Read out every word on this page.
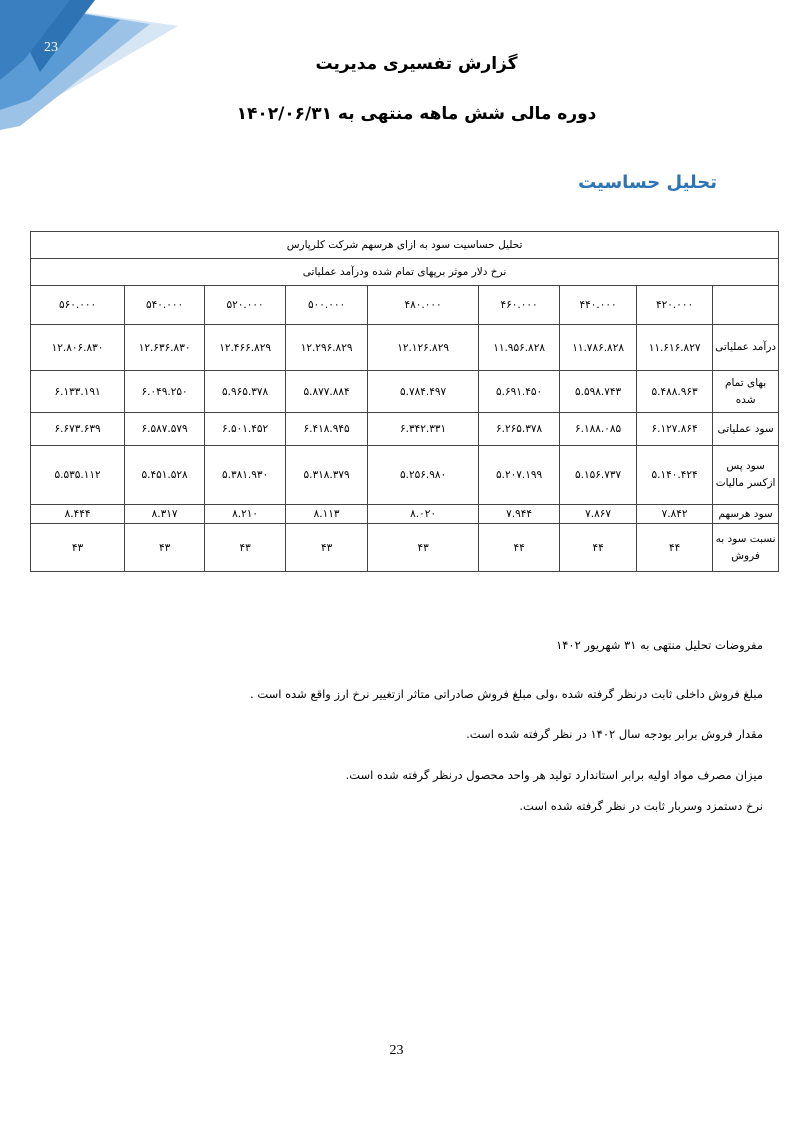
23
گزارش تفسیری مدیریت
دوره مالی شش ماهه منتهی به ۱۴۰۲/۰۶/۳۱
تحلیل حساسیت
تحلیل حساسیت سود به ازای هرسهم شرکت کلرپارس								
نرخ دلار موثر برپهای تمام شده ودرآمد عملیاتی								
	۴۲۰.۰۰۰	۴۴۰.۰۰۰	۴۶۰.۰۰۰	۴۸۰.۰۰۰	۵۰۰.۰۰۰	۵۲۰.۰۰۰	۵۴۰.۰۰۰	۵۶۰.۰۰۰
درآمد عملیاتی	۱۱.۶۱۶.۸۲۷	۱۱.۷۸۶.۸۲۸	۱۱.۹۵۶.۸۲۸	۱۲.۱۲۶.۸۲۹	۱۲.۲۹۶.۸۲۹	۱۲.۴۶۶.۸۲۹	۱۲.۶۳۶.۸۳۰	۱۲.۸۰۶.۸۳۰
بهای تمام شده	۵.۴۸۸.۹۶۳	۵.۵۹۸.۷۴۳	۵.۶۹۱.۴۵۰	۵.۷۸۴.۴۹۷	۵.۸۷۷.۸۸۴	۵.۹۶۵.۳۷۸	۶.۰۴۹.۲۵۰	۶.۱۳۳.۱۹۱
سود عملیاتی	۶.۱۲۷.۸۶۴	۶.۱۸۸.۰۸۵	۶.۲۶۵.۳۷۸	۶.۳۴۲.۳۳۱	۶.۴۱۸.۹۴۵	۶.۵۰۱.۴۵۲	۶.۵۸۷.۵۷۹	۶.۶۷۳.۶۳۹
سود پس ازکسر مالیات	۵.۱۴۰.۴۲۴	۵.۱۵۶.۷۳۷	۵.۲۰۷.۱۹۹	۵.۲۵۶.۹۸۰	۵.۳۱۸.۳۷۹	۵.۳۸۱.۹۳۰	۵.۴۵۱.۵۲۸	۵.۵۳۵.۱۱۲
سود هرسهم	۷.۸۴۲	۷.۸۶۷	۷.۹۴۴	۸.۰۲۰	۸.۱۱۳	۸.۲۱۰	۸.۳۱۷	۸.۴۴۴
نسبت سود به فروش	۴۴	۴۴	۴۴	۴۳	۴۳	۴۳	۴۳	۴۳

مفروضات تحلیل منتهی به ۳۱ شهریور ۱۴۰۲

مبلغ فروش داخلی ثابت درنظر گرفته شده ،ولی مبلغ فروش صادراتی متاثر ازتغییر نرخ ارز واقع شده است .

مقدار فروش برابر بودجه سال ۱۴۰۲ در نظر گرفته شده است.

میزان مصرف مواد اولیه برابر استاندارد تولید هر واحد محصول درنظر گرفته شده است.

نرخ دستمزد وسربار ثابت در نظر گرفته شده است.

23
